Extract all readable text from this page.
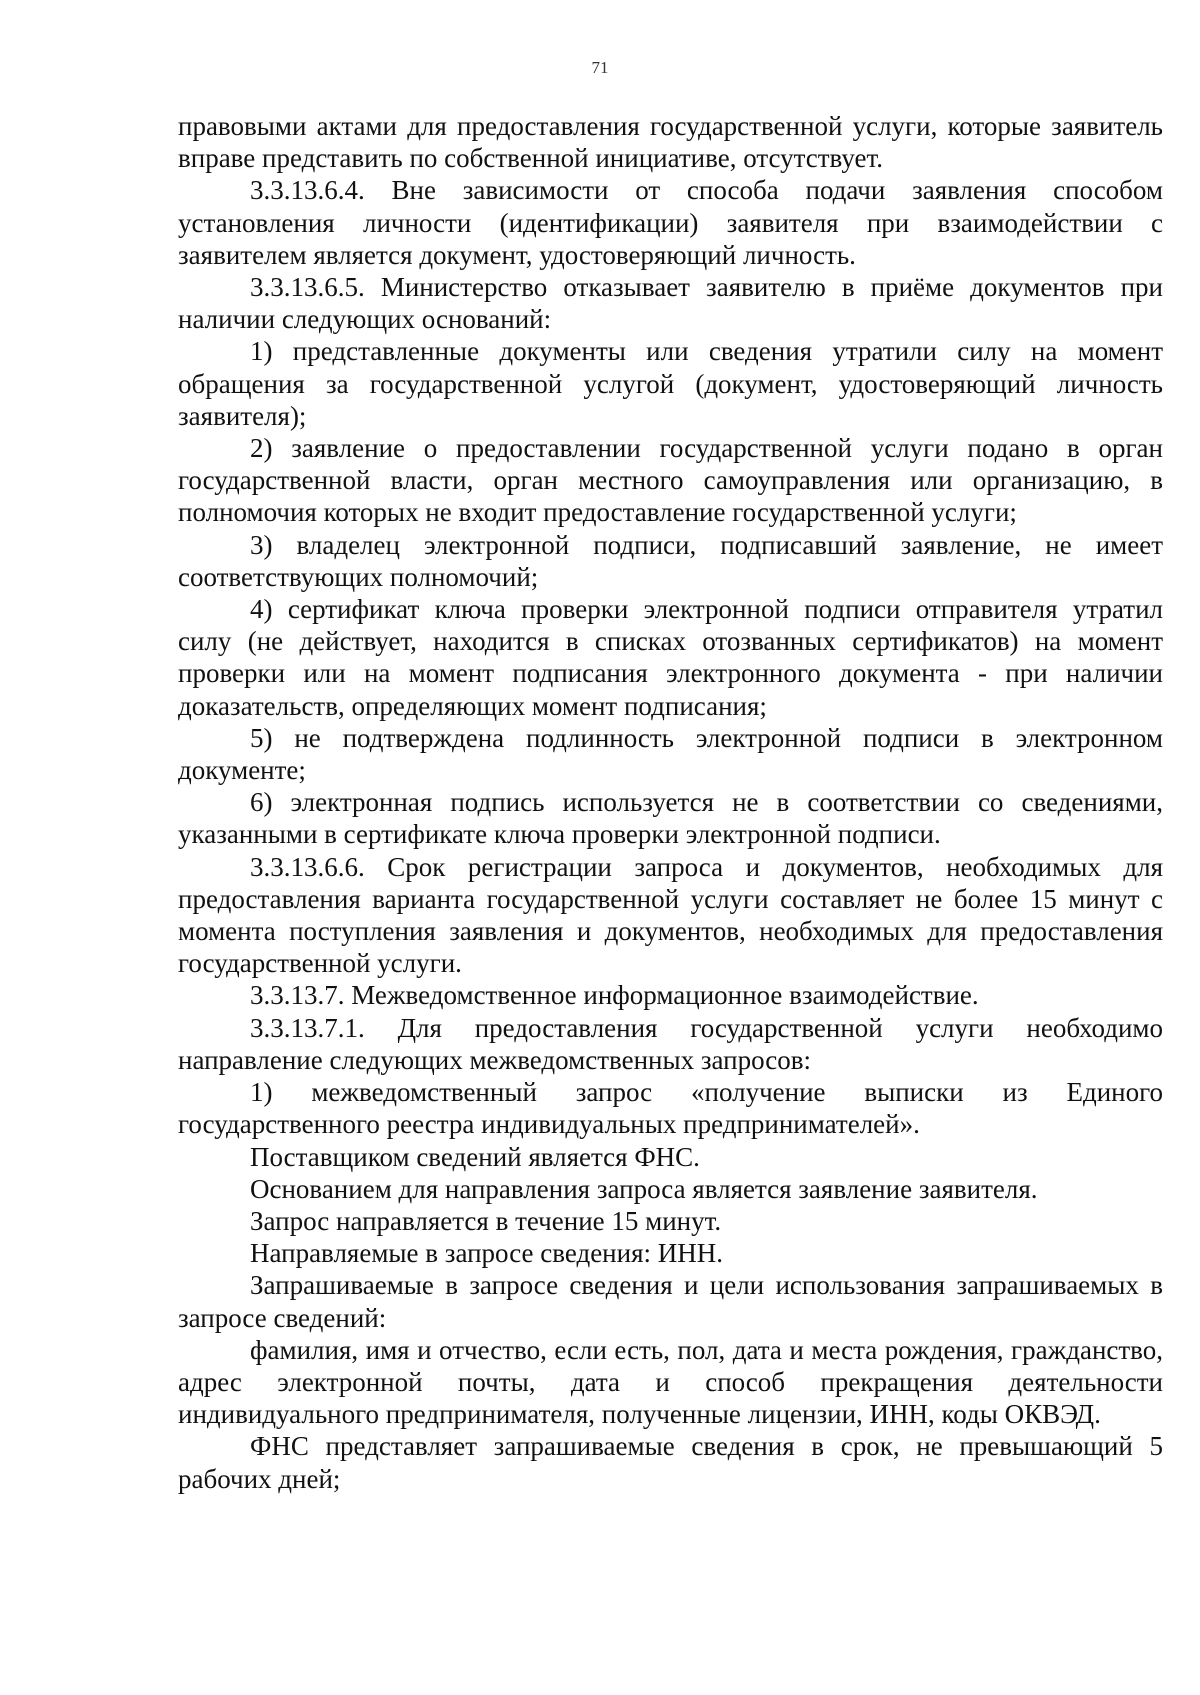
71

правовыми актами для предоставления государственной услуги, которые заявитель вправе представить по собственной инициативе, отсутствует.

3.3.13.6.4. Вне зависимости от способа подачи заявления способом установления личности (идентификации) заявителя при взаимодействии с заявителем является документ, удостоверяющий личность.

3.3.13.6.5. Министерство отказывает заявителю в приёме документов при наличии следующих оснований:

1) представленные документы или сведения утратили силу на момент обращения за государственной услугой (документ, удостоверяющий личность заявителя);

2) заявление о предоставлении государственной услуги подано в орган государственной власти, орган местного самоуправления или организацию, в полномочия которых не входит предоставление государственной услуги;

3) владелец электронной подписи, подписавший заявление, не имеет соответствующих полномочий;

4) сертификат ключа проверки электронной подписи отправителя утратил силу (не действует, находится в списках отозванных сертификатов) на момент проверки или на момент подписания электронного документа - при наличии доказательств, определяющих момент подписания;

5) не подтверждена подлинность электронной подписи в электронном документе;

6) электронная подпись используется не в соответствии со сведениями, указанными в сертификате ключа проверки электронной подписи.

3.3.13.6.6. Срок регистрации запроса и документов, необходимых для предоставления варианта государственной услуги составляет не более 15 минут с момента поступления заявления и документов, необходимых для предоставления государственной услуги.

3.3.13.7. Межведомственное информационное взаимодействие.

3.3.13.7.1. Для предоставления государственной услуги необходимо направление следующих межведомственных запросов:

1) межведомственный запрос «получение выписки из Единого государственного реестра индивидуальных предпринимателей».

Поставщиком сведений является ФНС.

Основанием для направления запроса является заявление заявителя.

Запрос направляется в течение 15 минут.

Направляемые в запросе сведения: ИНН.

Запрашиваемые в запросе сведения и цели использования запрашиваемых в запросе сведений:

фамилия, имя и отчество, если есть, пол, дата и места рождения, гражданство, адрес электронной почты, дата и способ прекращения деятельности индивидуального предпринимателя, полученные лицензии, ИНН, коды ОКВЭД.

ФНС представляет запрашиваемые сведения в срок, не превышающий 5 рабочих дней;
